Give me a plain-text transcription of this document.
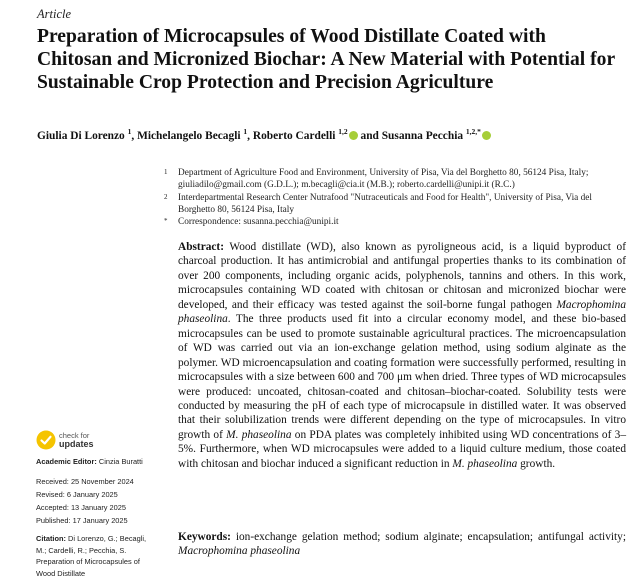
Article
Preparation of Microcapsules of Wood Distillate Coated with Chitosan and Micronized Biochar: A New Material with Potential for Sustainable Crop Protection and Precision Agriculture
Giulia Di Lorenzo $^1$, Michelangelo Becagli $^1$, Roberto Cardelli $^{1,2}$ and Susanna Pecchia $^{1,2,*}$
1 Department of Agriculture Food and Environment, University of Pisa, Via del Borghetto 80, 56124 Pisa, Italy; giuliadilo@gmail.com (G.D.L.); m.becagli@cia.it (M.B.); roberto.cardelli@unipi.it (R.C.)
2 Interdepartmental Research Center Nutrafood "Nutraceuticals and Food for Health", University of Pisa, Via del Borghetto 80, 56124 Pisa, Italy
* Correspondence: susanna.pecchia@unipi.it

Abstract: Wood distillate (WD), also known as pyroligneous acid, is a liquid byproduct of charcoal production. It has antimicrobial and antifungal properties thanks to its combination of over 200 components, including organic acids, polyphenols, tannins and others. In this work, microcapsules containing WD coated with chitosan or chitosan and micronized biochar were developed, and their efficacy was tested against the soil-borne fungal pathogen Macrophomina phaseolina. The three products used fit into a circular economy model, and these bio-based microcapsules can be used to promote sustainable agricultural practices. The microencapsulation of WD was carried out via an ion-exchange gelation method, using sodium alginate as the polymer. WD microencapsulation and coating formation were successfully performed, resulting in microcapsules with a size between 600 and 700 μm when dried. Three types of WD microcapsules were produced: uncoated, chitosan-coated and chitosan–biochar-coated. Solubility tests were conducted by measuring the pH of each type of microcapsule in distilled water. It was observed that their solubilization trends were different depending on the type of microcapsules. In vitro growth of M. phaseolina on PDA plates was completely inhibited using WD concentrations of 3–5%. Furthermore, when WD microcapsules were added to a liquid culture medium, those coated with chitosan and biochar induced a significant reduction in M. phaseolina growth.

Keywords: ion-exchange gelation method; sodium alginate; encapsulation; antifungal activity; Macrophomina phaseolina

check for
updates
Academic Editor: Cinzia Buratti
Received: 25 November 2024
Revised: 6 January 2025
Accepted: 13 January 2025
Published: 17 January 2025
Citation: Di Lorenzo, G.; Becagli, M.; Cardelli, R.; Pecchia, S. Preparation of Microcapsules of Wood Distillate
